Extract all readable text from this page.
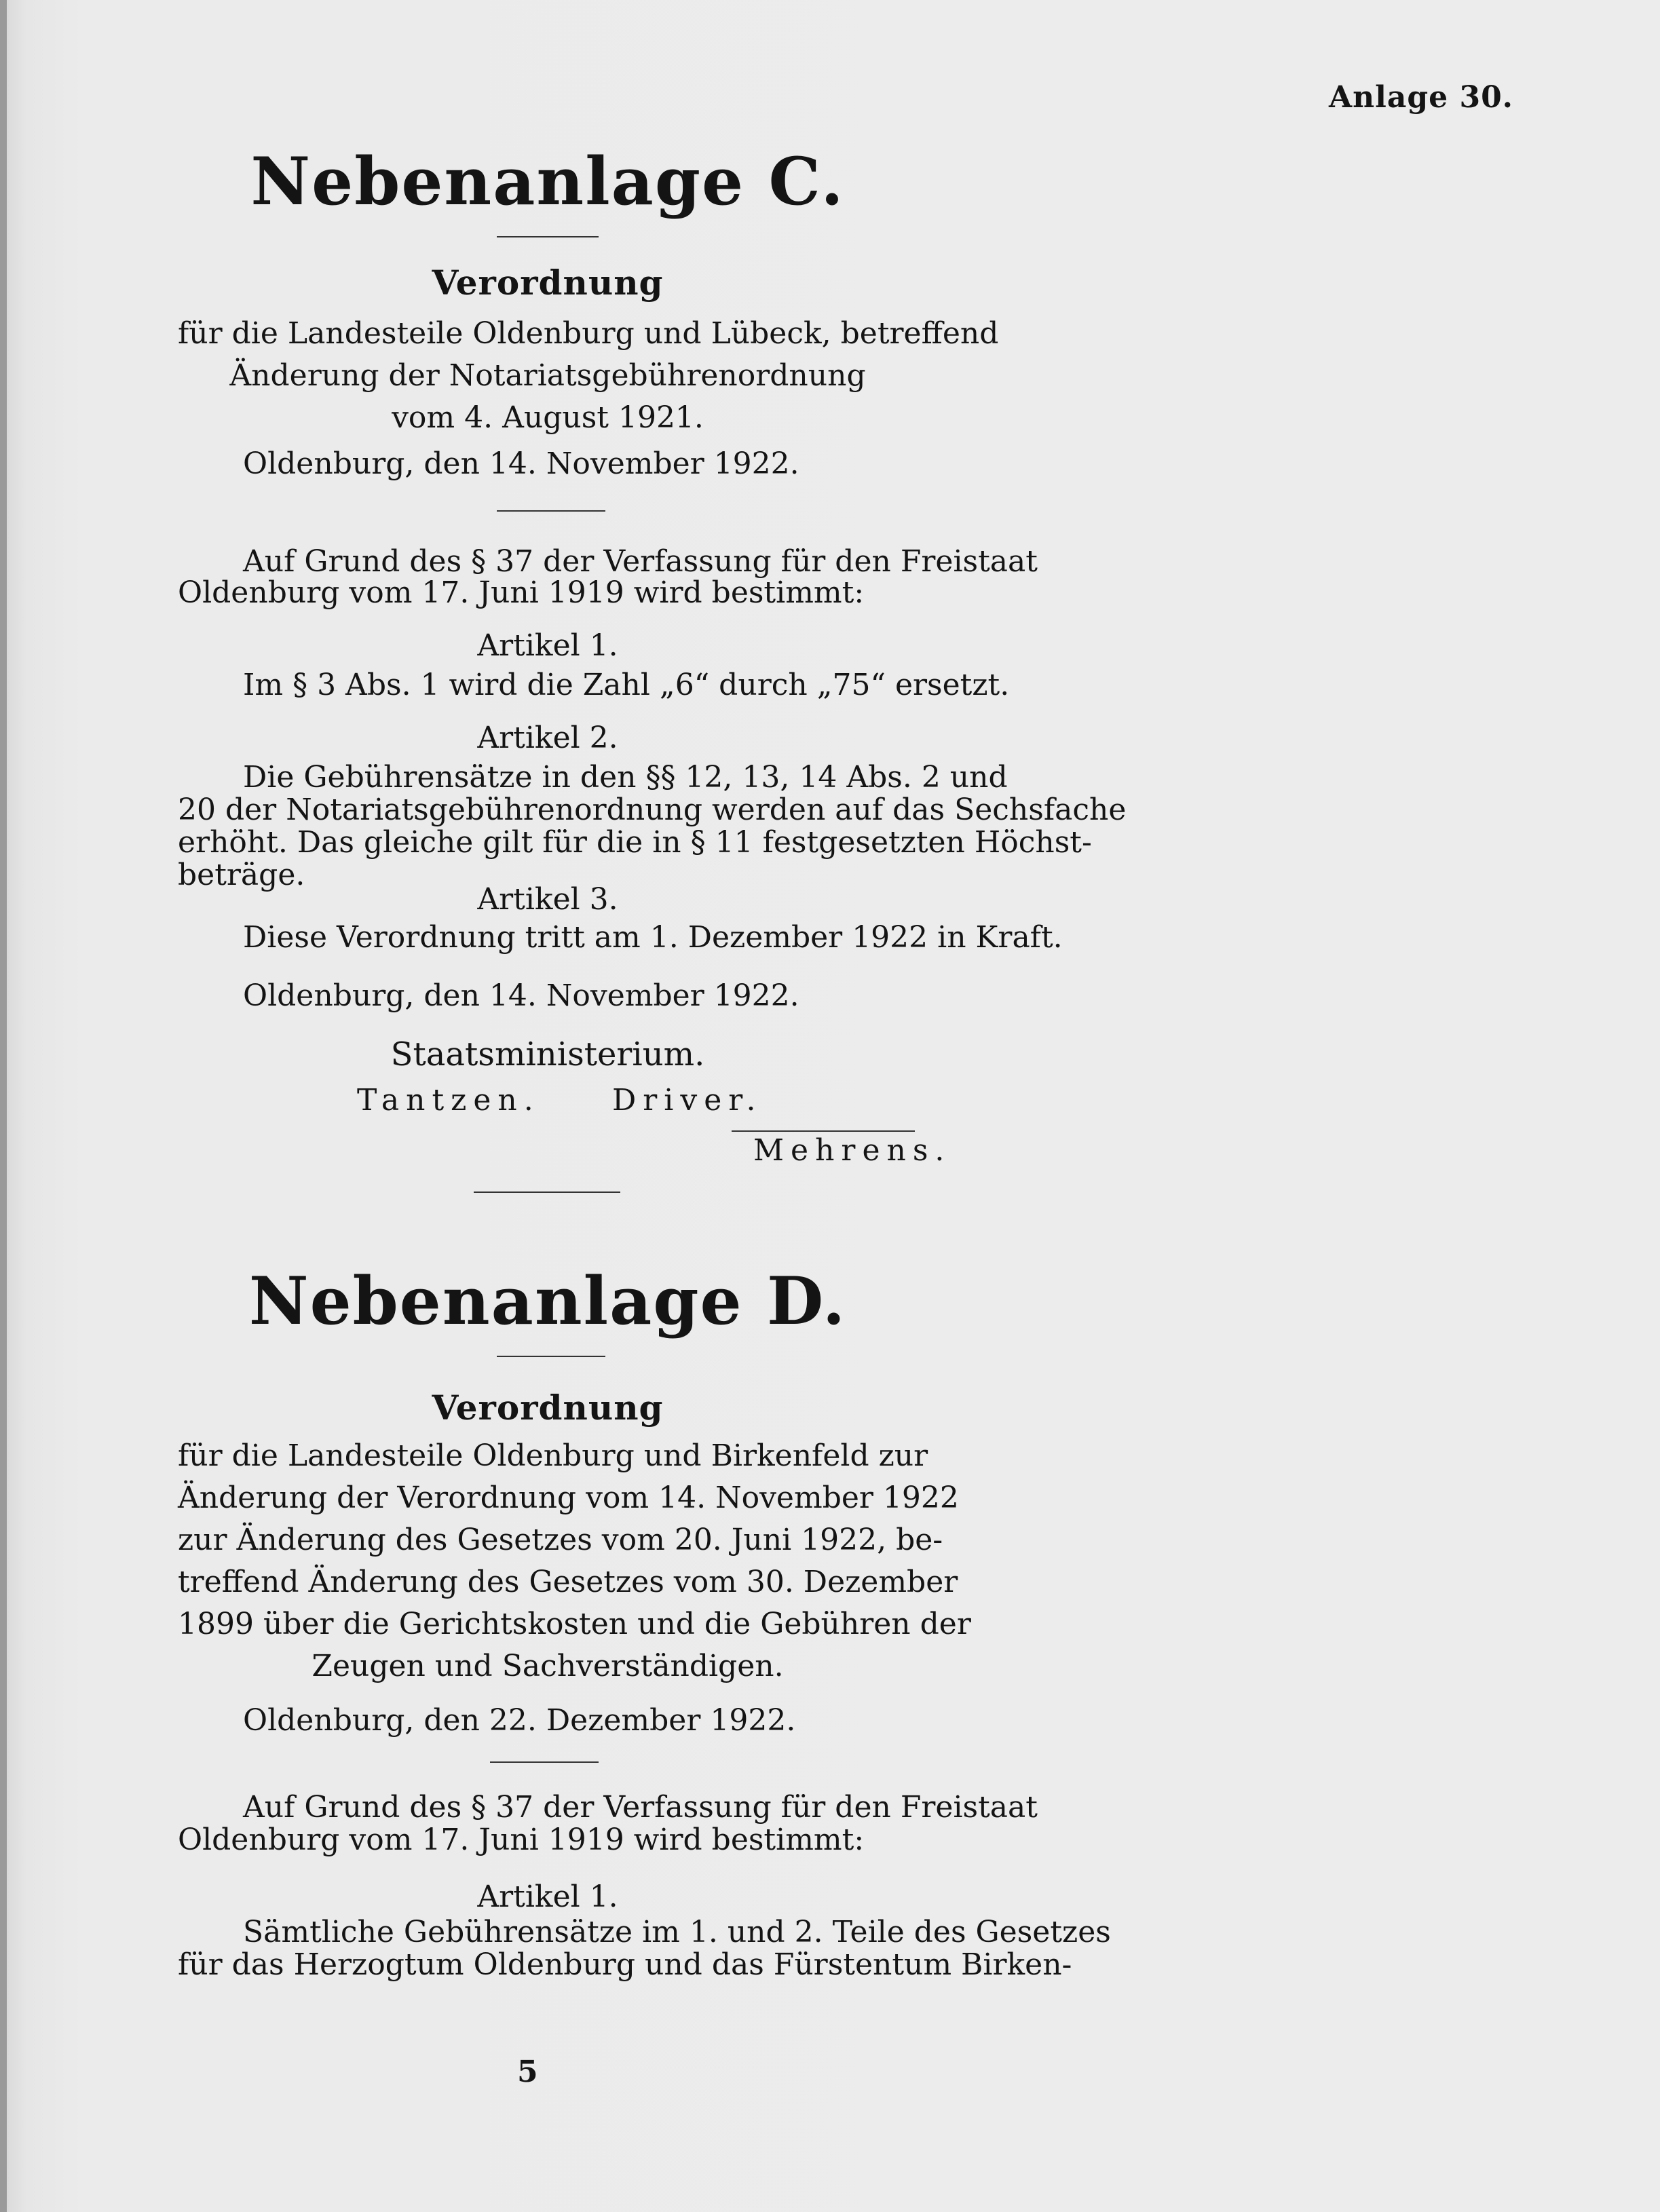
Anlage 30.
Nebenanlage C.
Verordnung
für die Landesteile Oldenburg und Lübeck, betreffend
Änderung der Notariatsgebührenordnung
vom 4. August 1921.
Oldenburg, den 14. November 1922.
Auf Grund des § 37 der Verfassung für den Freistaat
Oldenburg vom 17. Juni 1919 wird bestimmt:
Artikel 1.
Im § 3 Abs. 1 wird die Zahl „6“ durch „75“ ersetzt.
Artikel 2.
Die Gebührensätze in den §§ 12, 13, 14 Abs. 2 und
20 der Notariatsgebührenordnung werden auf das Sechsfache
erhöht. Das gleiche gilt für die in § 11 festgesetzten Höchst-
beträge.
Artikel 3.
Diese Verordnung tritt am 1. Dezember 1922 in Kraft.
Oldenburg, den 14. November 1922.
Staatsministerium.
Tantzen. Driver.
Mehrens.
Nebenanlage D.
Verordnung
für die Landesteile Oldenburg und Birkenfeld zur
Änderung der Verordnung vom 14. November 1922
zur Änderung des Gesetzes vom 20. Juni 1922, be-
treffend Änderung des Gesetzes vom 30. Dezember
1899 über die Gerichtskosten und die Gebühren der
Zeugen und Sachverständigen.
Oldenburg, den 22. Dezember 1922.
Auf Grund des § 37 der Verfassung für den Freistaat
Oldenburg vom 17. Juni 1919 wird bestimmt:
Artikel 1.
Sämtliche Gebührensätze im 1. und 2. Teile des Gesetzes
für das Herzogtum Oldenburg und das Fürstentum Birken-
5
